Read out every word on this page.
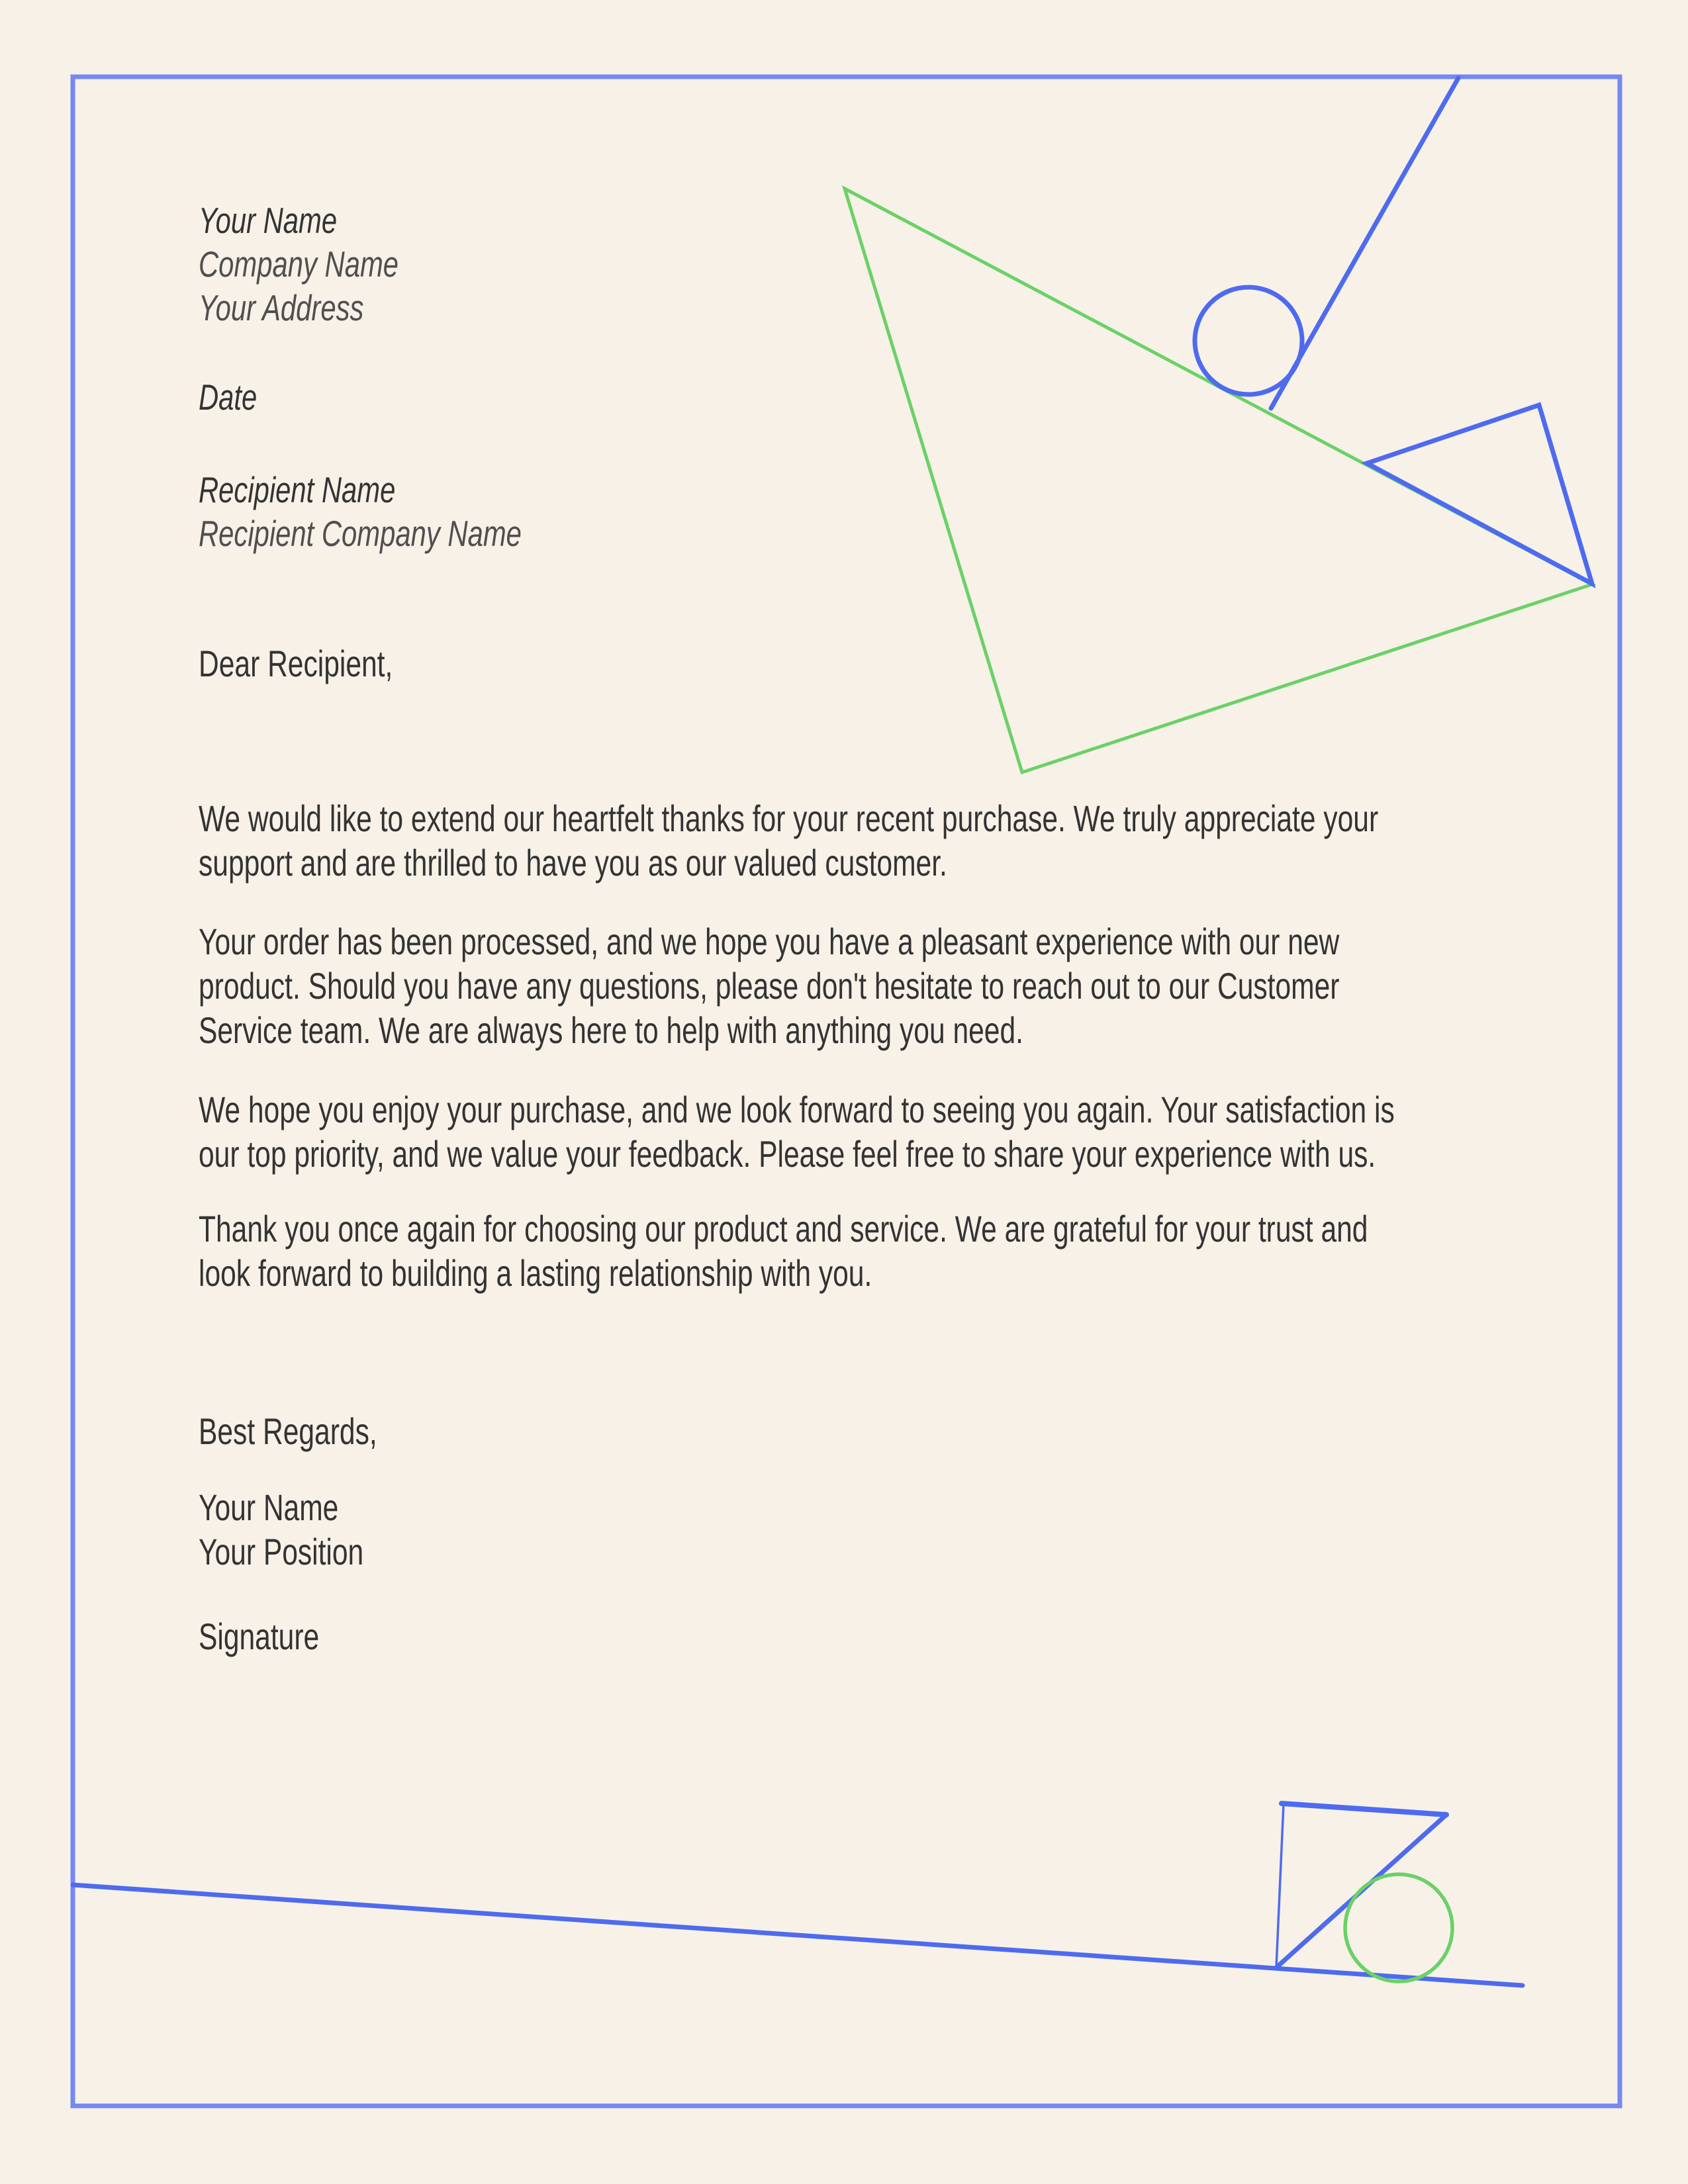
Your Name
Company Name
Your Address
Date
Recipient Name
Recipient Company Name
Dear Recipient,
We would like to extend our heartfelt thanks for your recent purchase. We truly appreciate your
support and are thrilled to have you as our valued customer.
Your order has been processed, and we hope you have a pleasant experience with our new
product. Should you have any questions, please don't hesitate to reach out to our Customer
Service team. We are always here to help with anything you need.
We hope you enjoy your purchase, and we look forward to seeing you again. Your satisfaction is
our top priority, and we value your feedback. Please feel free to share your experience with us.
Thank you once again for choosing our product and service. We are grateful for your trust and
look forward to building a lasting relationship with you.
Best Regards,
Your Name
Your Position
Signature
